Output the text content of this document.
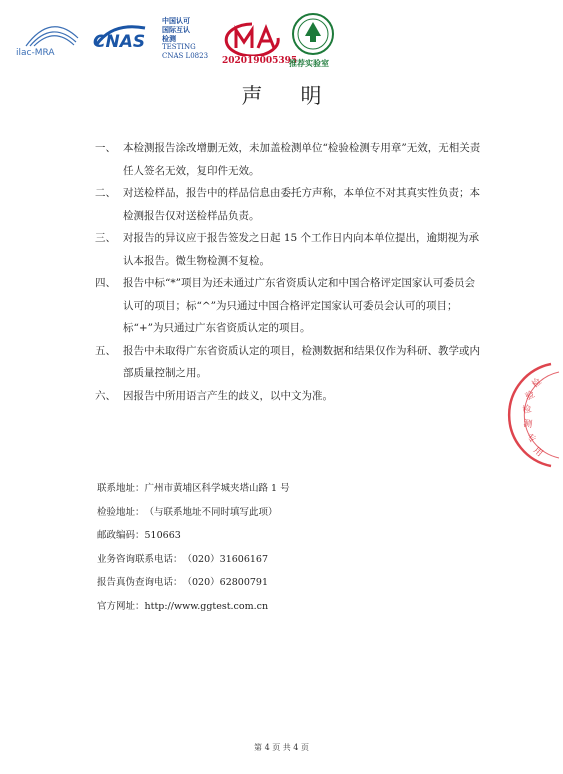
ilac-MRA
CNAS
中国认可
国际互认
检测
TESTING
CNAS L0823	202019005395
推荐实验室
声明
一、 本检测报告涂改增删无效，未加盖检测单位“检验检测专用章”无效，无相关责任人签名无效，复印件无效。
二、 对送检样品，报告中的样品信息由委托方声称，本单位不对其真实性负责；本检测报告仅对送检样品负责。
三、 对报告的异议应于报告签发之日起 15 个工作日内向本单位提出，逾期视为承认本报告。微生物检测不复检。
四、 报告中标“*”项目为还未通过广东省资质认定和中国合格评定国家认可委员会认可的项目；标“^”为只通过中国合格评定国家认可委员会认可的项目；标“+”为只通过广东省资质认定的项目。
五、 报告中未取得广东省资质认定的项目，检测数据和结果仅作为科研、教学或内部质量控制之用。
六、 因报告中所用语言产生的歧义，以中文为准。
联系地址：广州市黄埔区科学城夹塔山路 1 号
检验地址：（与联系地址不同时填写此项）
邮政编码：510663
业务咨询联系电话：（020）31606167
报告真伪查询电话：（020）62800791
官方网址：http://www.ggtest.com.cn
检
验
检
测
专
用
第 4 页 共 4 页
